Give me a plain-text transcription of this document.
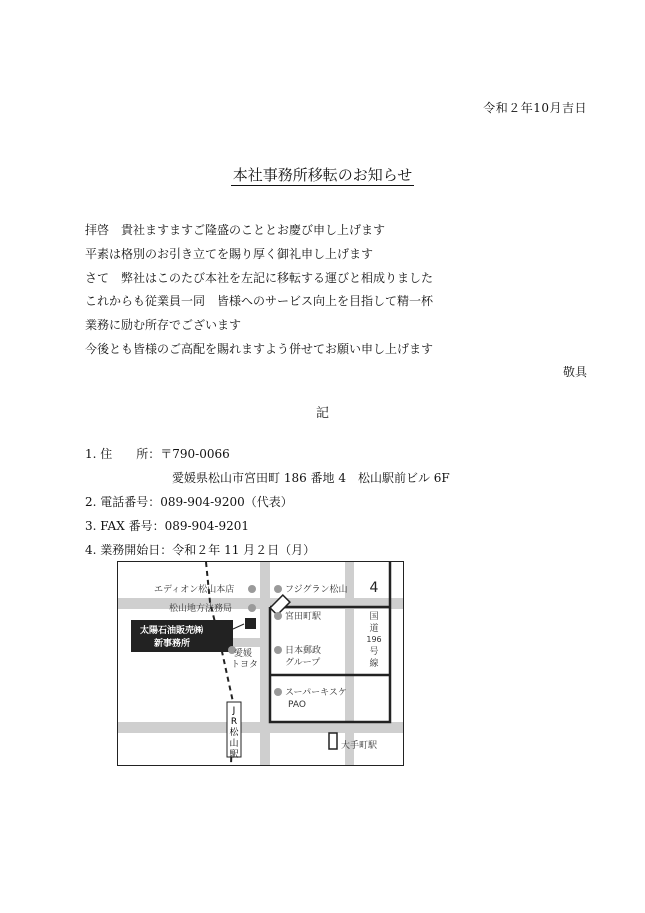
令和２年10月吉日
本社事務所移転のお知らせ
拝啓　貴社ますますご隆盛のこととお慶び申し上げます
平素は格別のお引き立てを賜り厚く御礼申し上げます
さて　弊社はこのたび本社を左記に移転する運びと相成りました
これからも従業員一同　皆様へのサービス向上を目指して精一杯
業務に励む所存でございます
今後とも皆様のご高配を賜れますよう併せてお願い申し上げます
敬具
記
1. 住　　所：〒790-0066
愛媛県松山市宮田町 186 番地 4　松山駅前ビル 6F
2. 電話番号：089-904-9200（代表）
3. FAX 番号：089-904-9201
4. 業務開始日：令和２年 11 月２日（月）
J
R
松
山
駅
エディオン松山本店
松山地方法務局
フジグラン松山
宮田町駅
太陽石油販売㈱
新事務所
愛媛
トヨタ
日本郵政
グループ
スーパーキスケ
PAO
国
道
196
号
線
4
大手町駅
